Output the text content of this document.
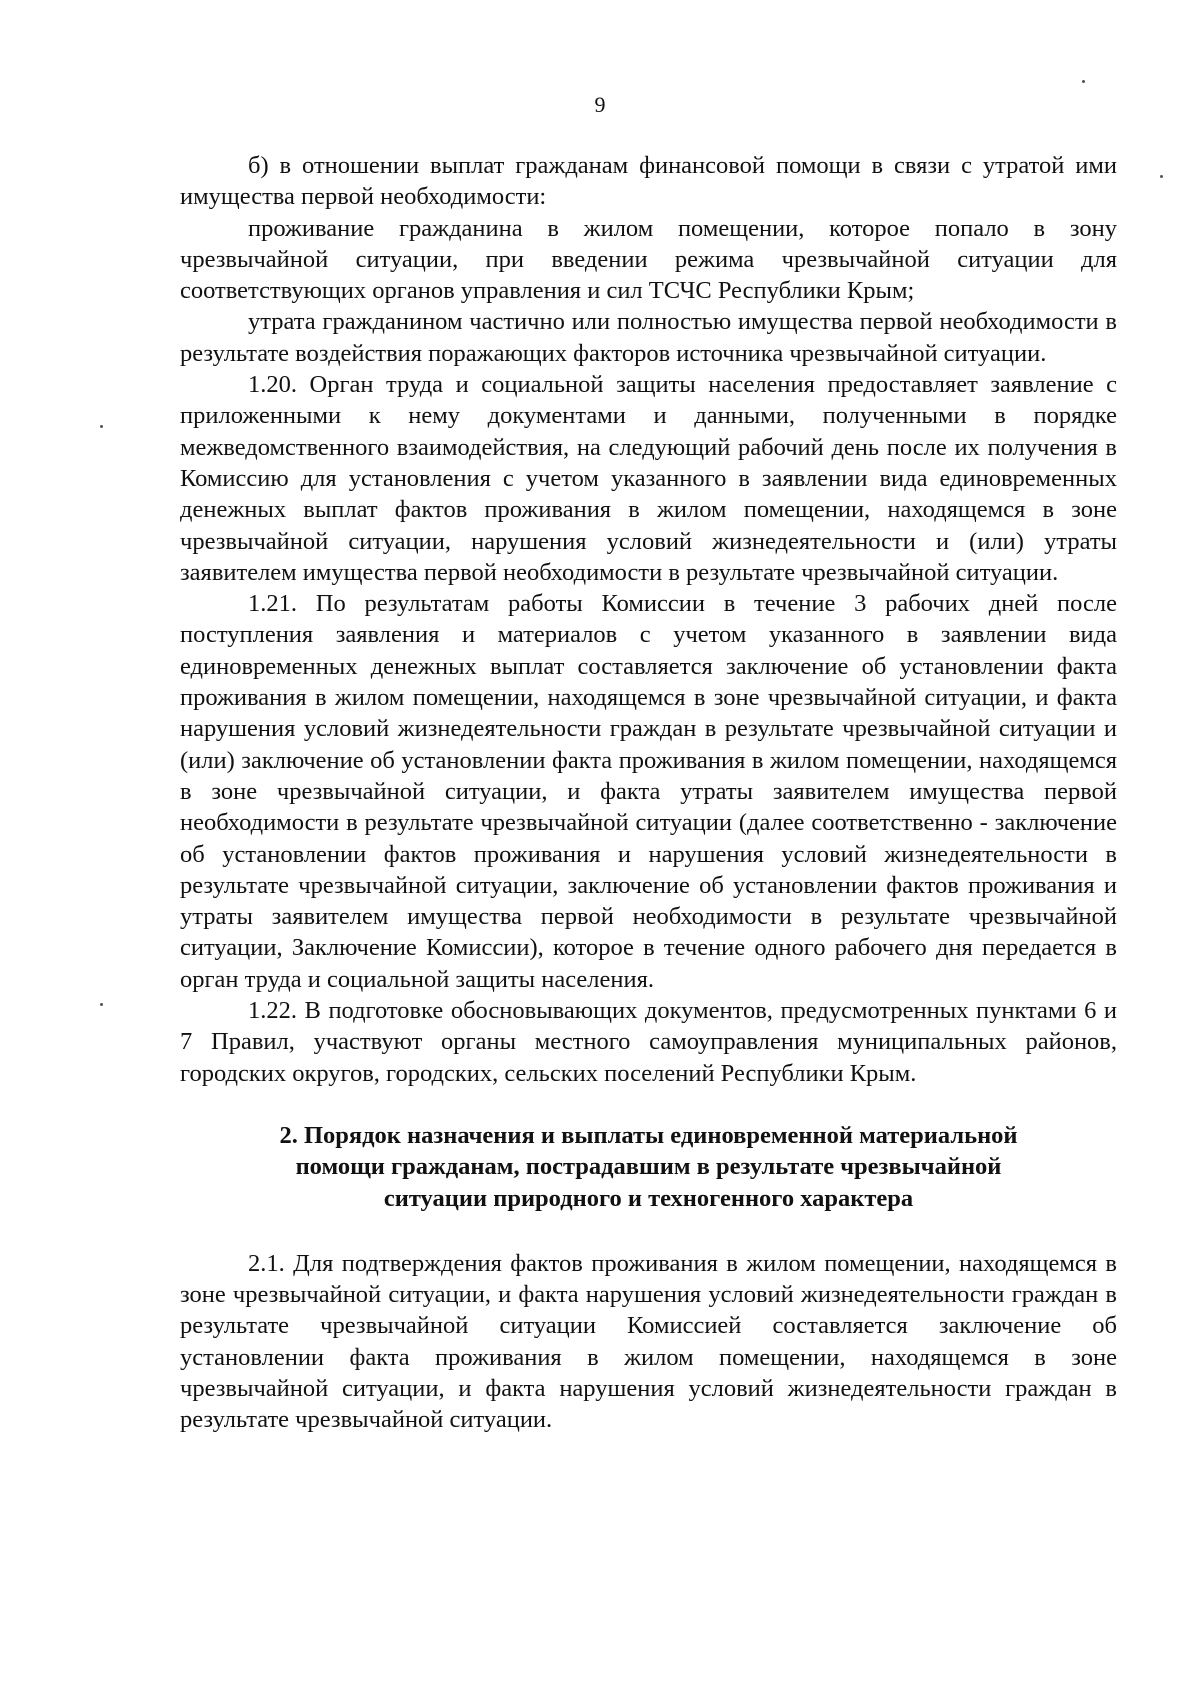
9

б) в отношении выплат гражданам финансовой помощи в связи с утратой ими имущества первой необходимости:

проживание гражданина в жилом помещении, которое попало в зону чрезвычайной ситуации, при введении режима чрезвычайной ситуации для соответствующих органов управления и сил ТСЧС Республики Крым;

утрата гражданином частично или полностью имущества первой необходимости в результате воздействия поражающих факторов источника чрезвычайной ситуации.

1.20. Орган труда и социальной защиты населения предоставляет заявление с приложенными к нему документами и данными, полученными в порядке межведомственного взаимодействия, на следующий рабочий день после их получения в Комиссию для установления с учетом указанного в заявлении вида единовременных денежных выплат фактов проживания в жилом помещении, находящемся в зоне чрезвычайной ситуации, нарушения условий жизнедеятельности и (или) утраты заявителем имущества первой необходимости в результате чрезвычайной ситуации.

1.21. По результатам работы Комиссии в течение 3 рабочих дней после поступления заявления и материалов с учетом указанного в заявлении вида единовременных денежных выплат составляется заключение об установлении факта проживания в жилом помещении, находящемся в зоне чрезвычайной ситуации, и факта нарушения условий жизнедеятельности граждан в результате чрезвычайной ситуации и (или) заключение об установлении факта проживания в жилом помещении, находящемся в зоне чрезвычайной ситуации, и факта утраты заявителем имущества первой необходимости в результате чрезвычайной ситуации (далее соответственно - заключение об установлении фактов проживания и нарушения условий жизнедеятельности в результате чрезвычайной ситуации, заключение об установлении фактов проживания и утраты заявителем имущества первой необходимости в результате чрезвычайной ситуации, Заключение Комиссии), которое в течение одного рабочего дня передается в орган труда и социальной защиты населения.

1.22. В подготовке обосновывающих документов, предусмотренных пунктами 6 и 7 Правил, участвуют органы местного самоуправления муниципальных районов, городских округов, городских, сельских поселений Республики Крым.

2. Порядок назначения и выплаты единовременной материальной
помощи гражданам, пострадавшим в результате чрезвычайной
ситуации природного и техногенного характера

2.1. Для подтверждения фактов проживания в жилом помещении, находящемся в зоне чрезвычайной ситуации, и факта нарушения условий жизнедеятельности граждан в результате чрезвычайной ситуации Комиссией составляется заключение об установлении факта проживания в жилом помещении, находящемся в зоне чрезвычайной ситуации, и факта нарушения условий жизнедеятельности граждан в результате чрезвычайной ситуации.
